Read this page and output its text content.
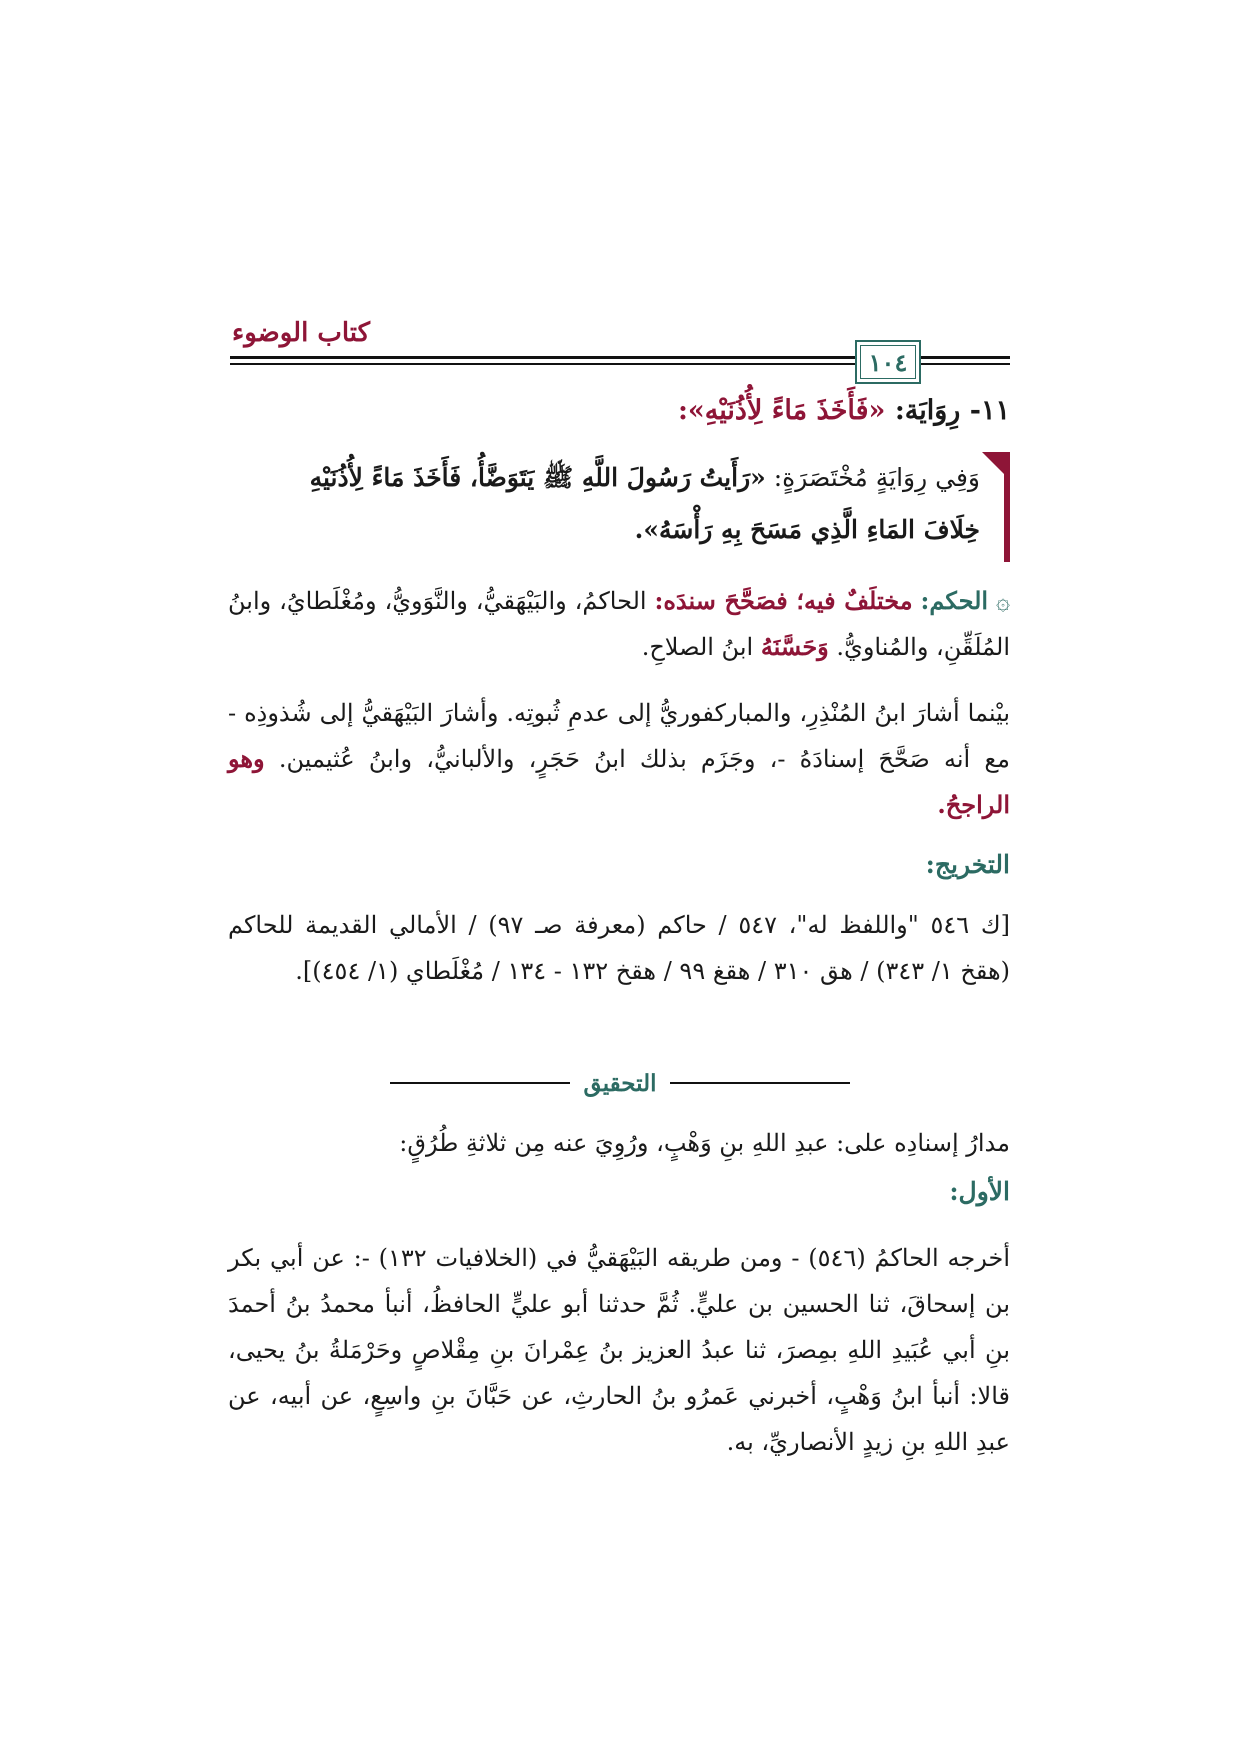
كتاب الوضوء
١٠٤
١١- رِوَايَة: «فَأَخَذَ مَاءً لِأُذُنَيْهِ»:
وَفِي رِوَايَةٍ مُخْتَصَرَةٍ: «رَأَيتُ رَسُولَ اللَّهِ ﷺ يَتَوَضَّأُ، فَأَخَذَ مَاءً لِأُذُنَيْهِ
خِلَافَ المَاءِ الَّذِي مَسَحَ بِهِ رَأْسَهُ».
۞ الحكم: مختلَفٌ فيه؛ فصَحَّحَ سندَه: الحاكمُ، والبَيْهَقيُّ، والنَّوَويُّ، ومُغْلَطايُ، وابنُ المُلَقِّنِ، والمُناويُّ. وَحَسَّنَهُ ابنُ الصلاحِ.
بيْنما أشارَ ابنُ المُنْذِرِ، والمباركفوريُّ إلى عدمِ ثُبوتِه. وأشارَ البَيْهَقيُّ إلى شُذوذِه - مع أنه صَحَّحَ إسنادَهُ -، وجَزَم بذلك ابنُ حَجَرٍ، والألبانيُّ، وابنُ عُثيمين. وهو الراجحُ.
التخريج:
[ك ٥٤٦ "واللفظ له"، ٥٤٧ / حاكم (معرفة صـ ٩٧) / الأمالي القديمة للحاكم (هقخ ١/ ٣٤٣) / هق ٣١٠ / هقغ ٩٩ / هقخ ١٣٢ - ١٣٤ / مُغْلَطاي (١/ ٤٥٤)].
التحقيق
مدارُ إسنادِه على: عبدِ اللهِ بنِ وَهْبٍ، ورُوِيَ عنه مِن ثلاثةِ طُرُقٍ:
الأول:
أخرجه الحاكمُ (٥٤٦) - ومن طريقه البَيْهَقيُّ في (الخلافيات ١٣٢) -: عن أبي بكر بن إسحاقَ، ثنا الحسين بن عليٍّ. ثُمَّ حدثنا أبو عليٍّ الحافظُ، أنبأ محمدُ بنُ أحمدَ بنِ أبي عُبَيدِ اللهِ بمِصرَ، ثنا عبدُ العزيز بنُ عِمْرانَ بنِ مِقْلاصٍ وحَرْمَلةُ بنُ يحيى، قالا: أنبأ ابنُ وَهْبٍ، أخبرني عَمرُو بنُ الحارثِ، عن حَبَّانَ بنِ واسِعٍ، عن أبيه، عن عبدِ اللهِ بنِ زيدٍ الأنصاريِّ، به.
